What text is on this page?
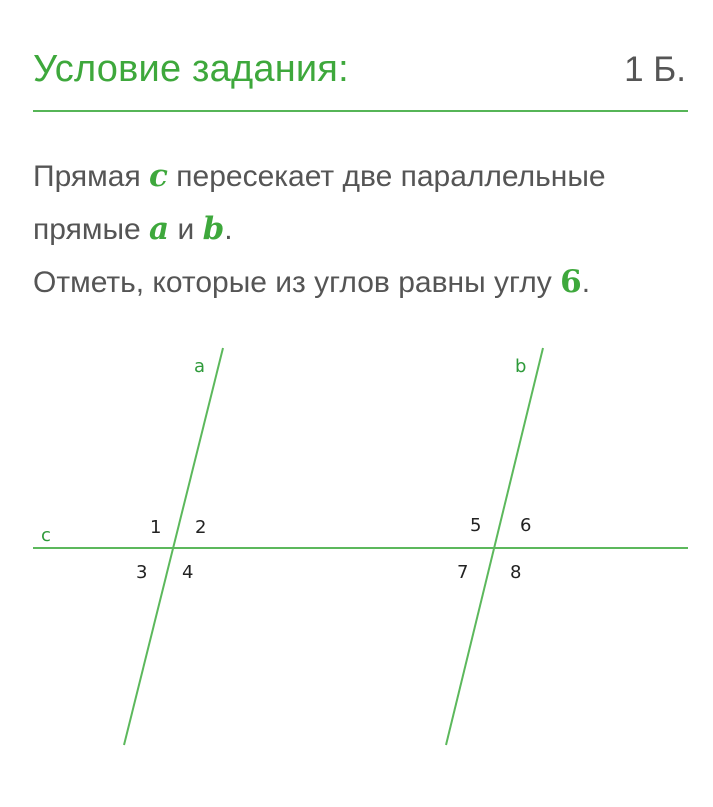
Условие задания:	1 Б.
Прямая c пересекает две параллельные
прямые a и b.
Отметь, которые из углов равны углу 6.
a	b
c	1 2
3 4
5 6
7 8
